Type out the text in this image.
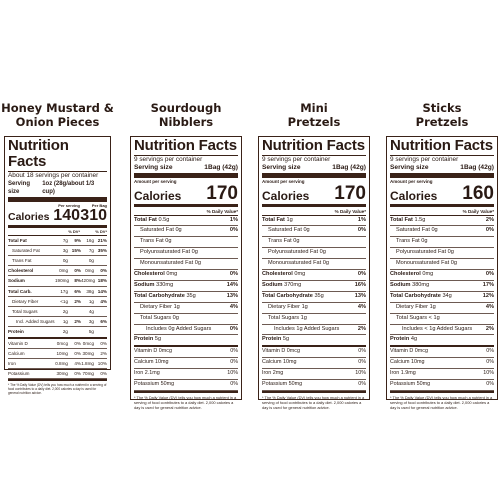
Honey Mustard &
Onion Pieces
Nutrition Facts
About 18 servings per container
Serving size
1oz (28g/about 1/3 cup)
Per serving	Per Bag
Calories 140 310
% DV*	% DV*
Total Fat	7g	9%	16g 21%
Saturated Fat	3g 15%	7g 35%
Trans Fat	0g	0g
Cholesterol	0mg	0% 0mg	0%
Sodium	190mg	8% 420mg 18%
Total Carb.	17g	6%	38g 14%
Dietary Fiber	<1g	2%	1g	4%
Total Sugars	2g	4g
Incl. Added Sugars	1g	2%	3g	6%
Protein	2g	5g
Vitamin D	0mcg	0% 0mcg	0%
Calcium	10mg	0% 30mg	2%
Iron	0.8mg	4% 1.8mg 10%
Potassium	30mg	0% 70mg	0%
* The % Daily Value (DV) tells you how much a nutrient in a serving of food contributes to a daily diet. 2,000 calories a day is used for general nutrition advice.
Sourdough
Nibblers
Nutrition Facts
9 servings per container
Serving size	1Bag (42g)
Amount per serving
Calories 170
% Daily Value*
Total Fat 0.5g	1%
Saturated Fat 0g	0%
Trans Fat 0g
Polyunsaturated Fat 0g
Monounsaturated Fat 0g
Cholesterol 0mg	0%
Sodium 330mg	14%
Total Carbohydrate 35g	13%
Dietary Fiber 1g	4%
Total Sugars 0g
Includes 0g Added Sugars	0%
Protein 5g
Vitamin D 0mcg	0%
Calcium 10mg	0%
Iron 2.1mg	10%
Potassium 50mg	0%
* The % Daily Value (DV) tells you how much a nutrient in a serving of food contributes to a daily diet. 2,000 calories a day is used for general nutrition advice.
Mini
Pretzels
Nutrition Facts
9 servings per container
Serving size	1Bag (42g)
Amount per serving
Calories 170
% Daily Value*
Total Fat 1g	1%
Saturated Fat 0g	0%
Trans Fat 0g
Polyunsaturated Fat 0g
Monounsaturated Fat 0g
Cholesterol 0mg	0%
Sodium 370mg	16%
Total Carbohydrate 35g	13%
Dietary Fiber 1g	4%
Total Sugars 1g
Includes 1g Added Sugars	2%
Protein 5g
Vitamin D 0mcg	0%
Calcium 10mg	0%
Iron 2mg	10%
Potassium 50mg	0%
* The % Daily Value (DV) tells you how much a nutrient in a serving of food contributes to a daily diet. 2,000 calories a day is used for general nutrition advice.
Sticks
Pretzels
Nutrition Facts
9 servings per container
Serving size	1Bag (42g)
Amount per serving
Calories 160
% Daily Value*
Total Fat 1.5g	2%
Saturated Fat 0g	0%
Trans Fat 0g
Polyunsaturated Fat 0g
Monounsaturated Fat 0g
Cholesterol 0mg	0%
Sodium 380mg	17%
Total Carbohydrate 34g	12%
Dietary Fiber 1g	4%
Total Sugars < 1g
Includes < 1g Added Sugars 2%
Protein 4g
Vitamin D 0mcg	0%
Calcium 10mg	0%
Iron 1.9mg	10%
Potassium 50mg	0%
* The % Daily Value (DV) tells you how much a nutrient in a serving of food contributes to a daily diet. 2,000 calories a day is used for general nutrition advice.
